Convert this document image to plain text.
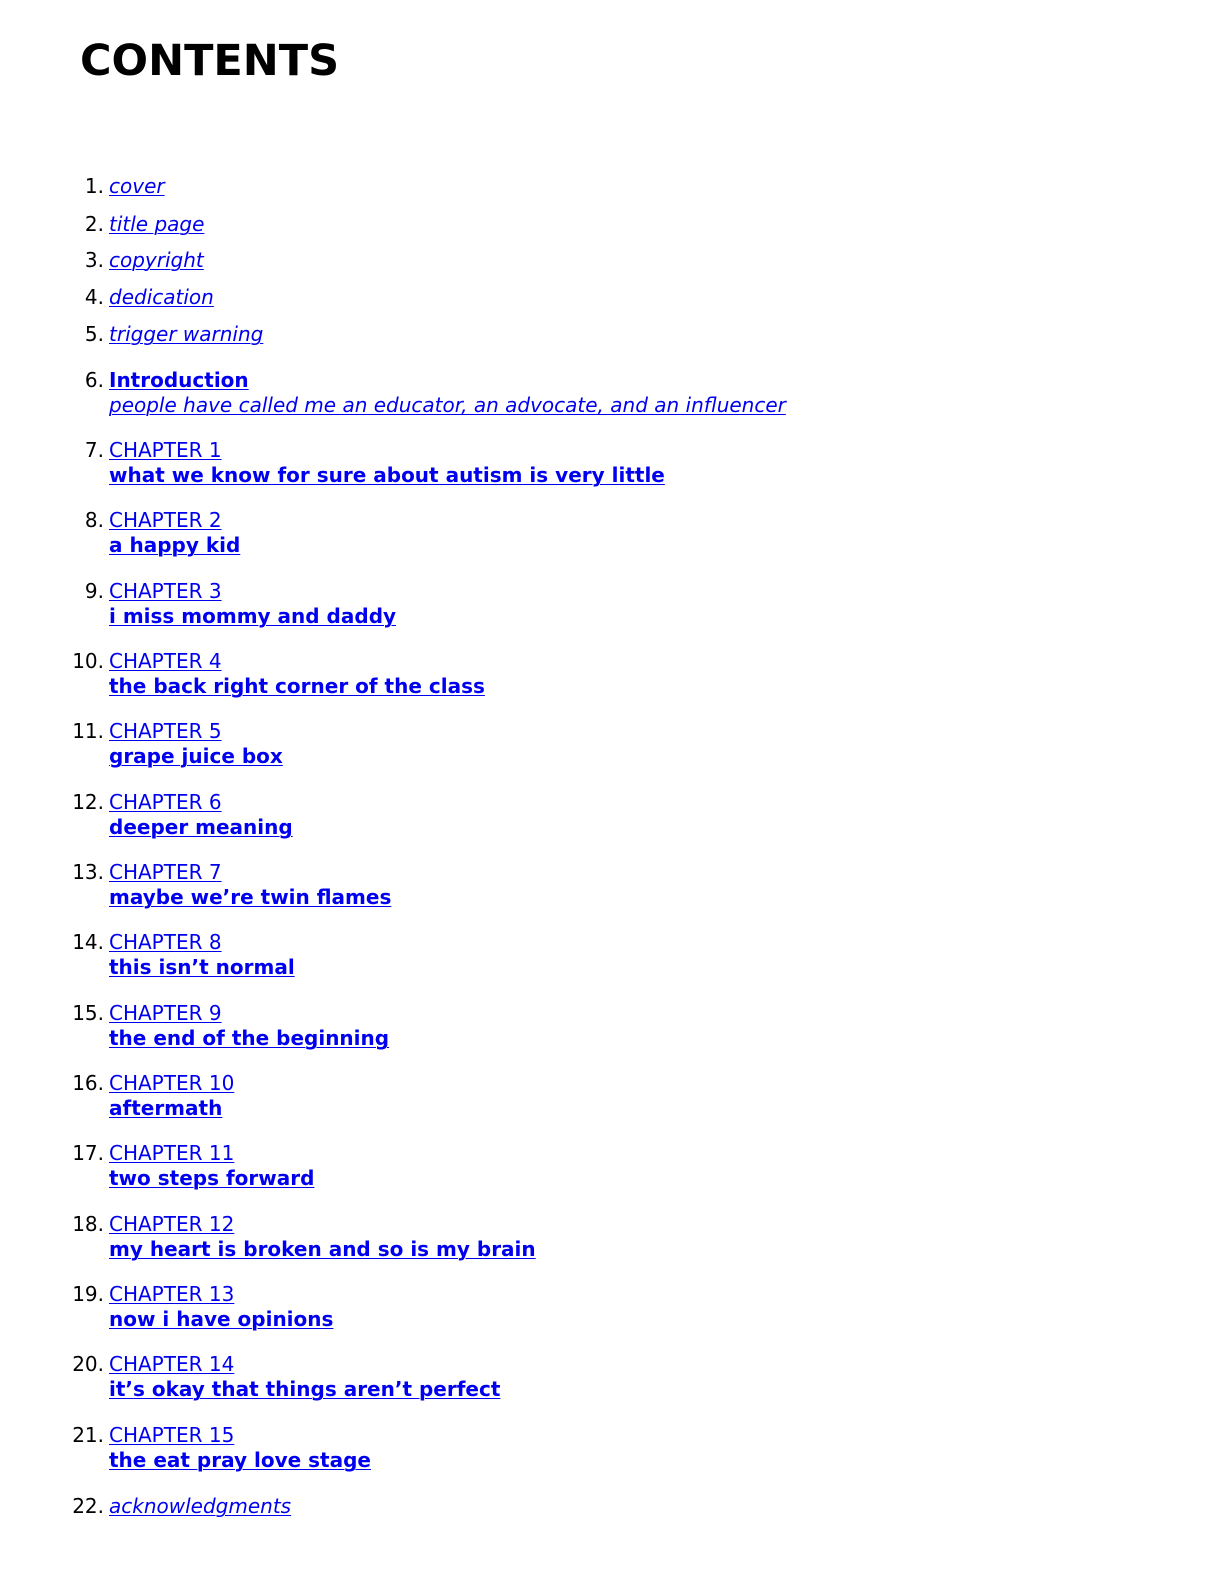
CONTENTS
1. cover
2. title page
3. copyright
4. dedication
5. trigger warning
6. Introduction
people have called me an educator, an advocate, and an influencer
7. CHAPTER 1
what we know for sure about autism is very little
8. CHAPTER 2
a happy kid
9. CHAPTER 3
i miss mommy and daddy
10. CHAPTER 4
the back right corner of the class
11. CHAPTER 5
grape juice box
12. CHAPTER 6
deeper meaning
13. CHAPTER 7
maybe we’re twin flames
14. CHAPTER 8
this isn’t normal
15. CHAPTER 9
the end of the beginning
16. CHAPTER 10
aftermath
17. CHAPTER 11
two steps forward
18. CHAPTER 12
my heart is broken and so is my brain
19. CHAPTER 13
now i have opinions
20. CHAPTER 14
it’s okay that things aren’t perfect
21. CHAPTER 15
the eat pray love stage
22. acknowledgments
